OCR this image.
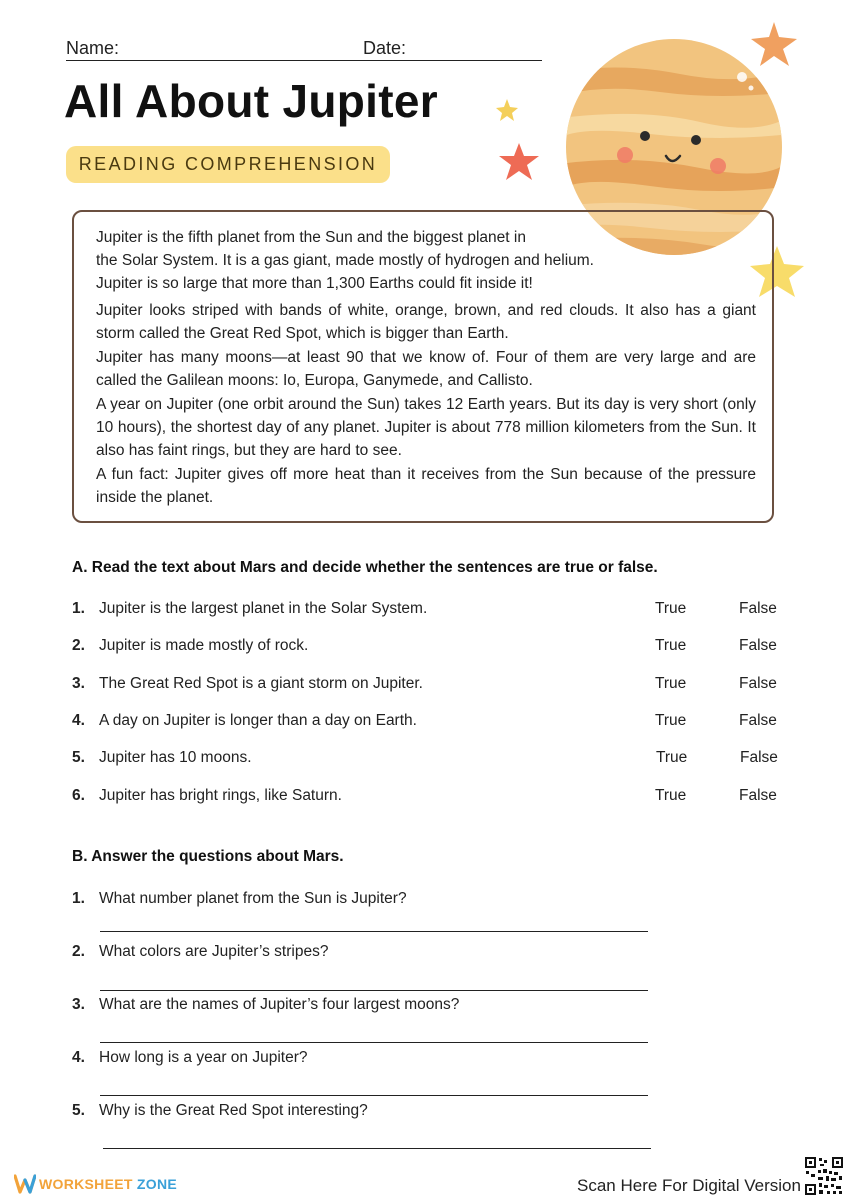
Name:	Date:
All About Jupiter
READING COMPREHENSION

Jupiter is the fifth planet from the Sun and the biggest planet in
the Solar System. It is a gas giant, made mostly of hydrogen and helium.
Jupiter is so large that more than 1,300 Earths could fit inside it!

Jupiter looks striped with bands of white, orange, brown, and red clouds. It also has a giant storm called the Great Red Spot, which is bigger than Earth.

Jupiter has many moons—at least 90 that we know of. Four of them are very large and are called the Galilean moons: Io, Europa, Ganymede, and Callisto.

A year on Jupiter (one orbit around the Sun) takes 12 Earth years. But its day is very short (only 10 hours), the shortest day of any planet. Jupiter is about 778 million kilometers from the Sun. It also has faint rings, but they are hard to see.

A fun fact: Jupiter gives off more heat than it receives from the Sun because of the pressure inside the planet.

A. Read the text about Mars and decide whether the sentences are true or false.
1. Jupiter is the largest planet in the Solar System.	True	False
2. Jupiter is made mostly of rock.	True	False
3. The Great Red Spot is a giant storm on Jupiter.	True	False
4. A day on Jupiter is longer than a day on Earth.	True	False
5. Jupiter has 10 moons.	True	False
6. Jupiter has bright rings, like Saturn.	True	False
B. Answer the questions about Mars.
1. What number planet from the Sun is Jupiter?
2. What colors are Jupiter’s stripes?
3. What are the names of Jupiter’s four largest moons?
4. How long is a year on Jupiter?
5. Why is the Great Red Spot interesting?
WORKSHEET ZONE	Scan Here For Digital Version
